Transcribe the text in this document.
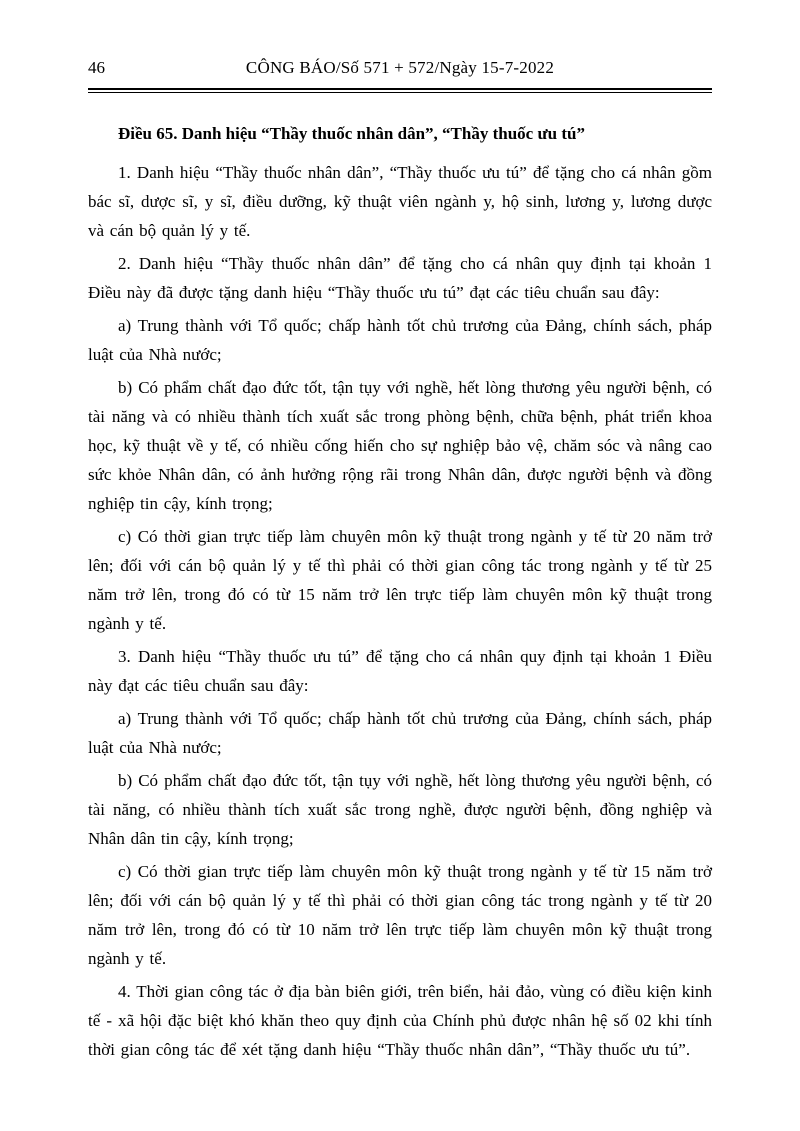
46	CÔNG BÁO/Số 571 + 572/Ngày 15-7-2022
Điều 65. Danh hiệu “Thầy thuốc nhân dân”, “Thầy thuốc ưu tú”

1. Danh hiệu “Thầy thuốc nhân dân”, “Thầy thuốc ưu tú” để tặng cho cá nhân gồm bác sĩ, dược sĩ, y sĩ, điều dưỡng, kỹ thuật viên ngành y, hộ sinh, lương y, lương dược và cán bộ quản lý y tế.

2. Danh hiệu “Thầy thuốc nhân dân” để tặng cho cá nhân quy định tại khoản 1 Điều này đã được tặng danh hiệu “Thầy thuốc ưu tú” đạt các tiêu chuẩn sau đây:

a) Trung thành với Tổ quốc; chấp hành tốt chủ trương của Đảng, chính sách, pháp luật của Nhà nước;

b) Có phẩm chất đạo đức tốt, tận tụy với nghề, hết lòng thương yêu người bệnh, có tài năng và có nhiều thành tích xuất sắc trong phòng bệnh, chữa bệnh, phát triển khoa học, kỹ thuật về y tế, có nhiều cống hiến cho sự nghiệp bảo vệ, chăm sóc và nâng cao sức khỏe Nhân dân, có ảnh hưởng rộng rãi trong Nhân dân, được người bệnh và đồng nghiệp tin cậy, kính trọng;

c) Có thời gian trực tiếp làm chuyên môn kỹ thuật trong ngành y tế từ 20 năm trở lên; đối với cán bộ quản lý y tế thì phải có thời gian công tác trong ngành y tế từ 25 năm trở lên, trong đó có từ 15 năm trở lên trực tiếp làm chuyên môn kỹ thuật trong ngành y tế.

3. Danh hiệu “Thầy thuốc ưu tú” để tặng cho cá nhân quy định tại khoản 1 Điều này đạt các tiêu chuẩn sau đây:

a) Trung thành với Tổ quốc; chấp hành tốt chủ trương của Đảng, chính sách, pháp luật của Nhà nước;

b) Có phẩm chất đạo đức tốt, tận tụy với nghề, hết lòng thương yêu người bệnh, có tài năng, có nhiều thành tích xuất sắc trong nghề, được người bệnh, đồng nghiệp và Nhân dân tin cậy, kính trọng;

c) Có thời gian trực tiếp làm chuyên môn kỹ thuật trong ngành y tế từ 15 năm trở lên; đối với cán bộ quản lý y tế thì phải có thời gian công tác trong ngành y tế từ 20 năm trở lên, trong đó có từ 10 năm trở lên trực tiếp làm chuyên môn kỹ thuật trong ngành y tế.

4. Thời gian công tác ở địa bàn biên giới, trên biển, hải đảo, vùng có điều kiện kinh tế - xã hội đặc biệt khó khăn theo quy định của Chính phủ được nhân hệ số 02 khi tính thời gian công tác để xét tặng danh hiệu “Thầy thuốc nhân dân”, “Thầy thuốc ưu tú”.
